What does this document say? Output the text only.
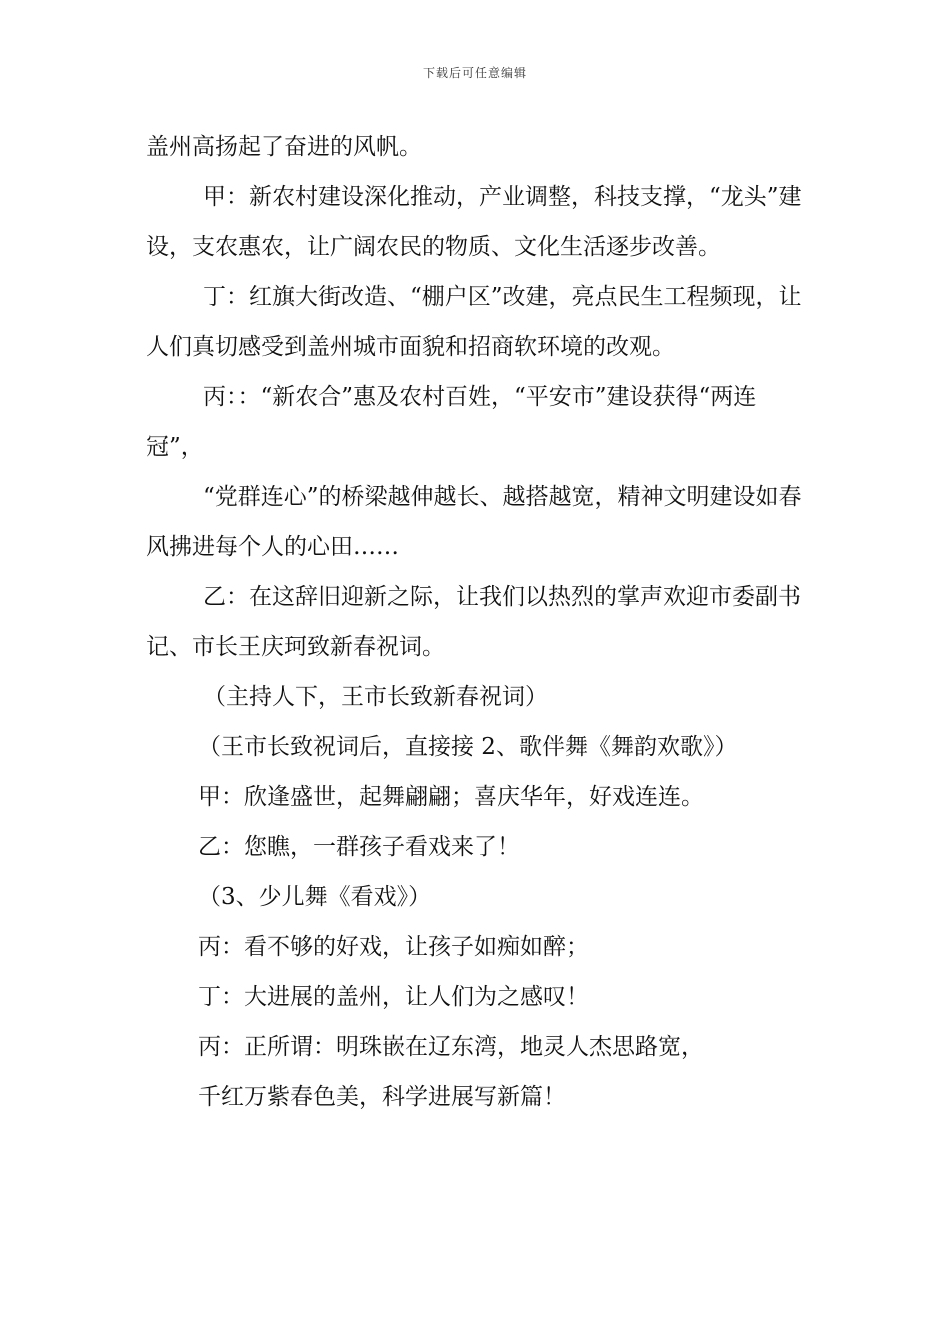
下载后可任意编辑

盖州高扬起了奋进的风帆。

甲：新农村建设深化推动，产业调整，科技支撑，“龙头”建设，支农惠农，让广阔农民的物质、文化生活逐步改善。

丁：红旗大街改造、“棚户区”改建，亮点民生工程频现，让人们真切感受到盖州城市面貌和招商软环境的改观。

丙：：“新农合”惠及农村百姓，“平安市”建设获得“两连冠”，

“党群连心”的桥梁越伸越长、越搭越宽，精神文明建设如春风拂进每个人的心田……

乙：在这辞旧迎新之际，让我们以热烈的掌声欢迎市委副书记、市长王庆珂致新春祝词。

（主持人下，王市长致新春祝词）

（王市长致祝词后，直接接 2、歌伴舞《舞韵欢歌》）

甲：欣逢盛世，起舞翩翩；喜庆华年，好戏连连。

乙：您瞧，一群孩子看戏来了！

（3、少儿舞《看戏》）

丙：看不够的好戏，让孩子如痴如醉；

丁：大进展的盖州，让人们为之感叹！

丙：正所谓：明珠嵌在辽东湾，地灵人杰思路宽，

千红万紫春色美，科学进展写新篇！
